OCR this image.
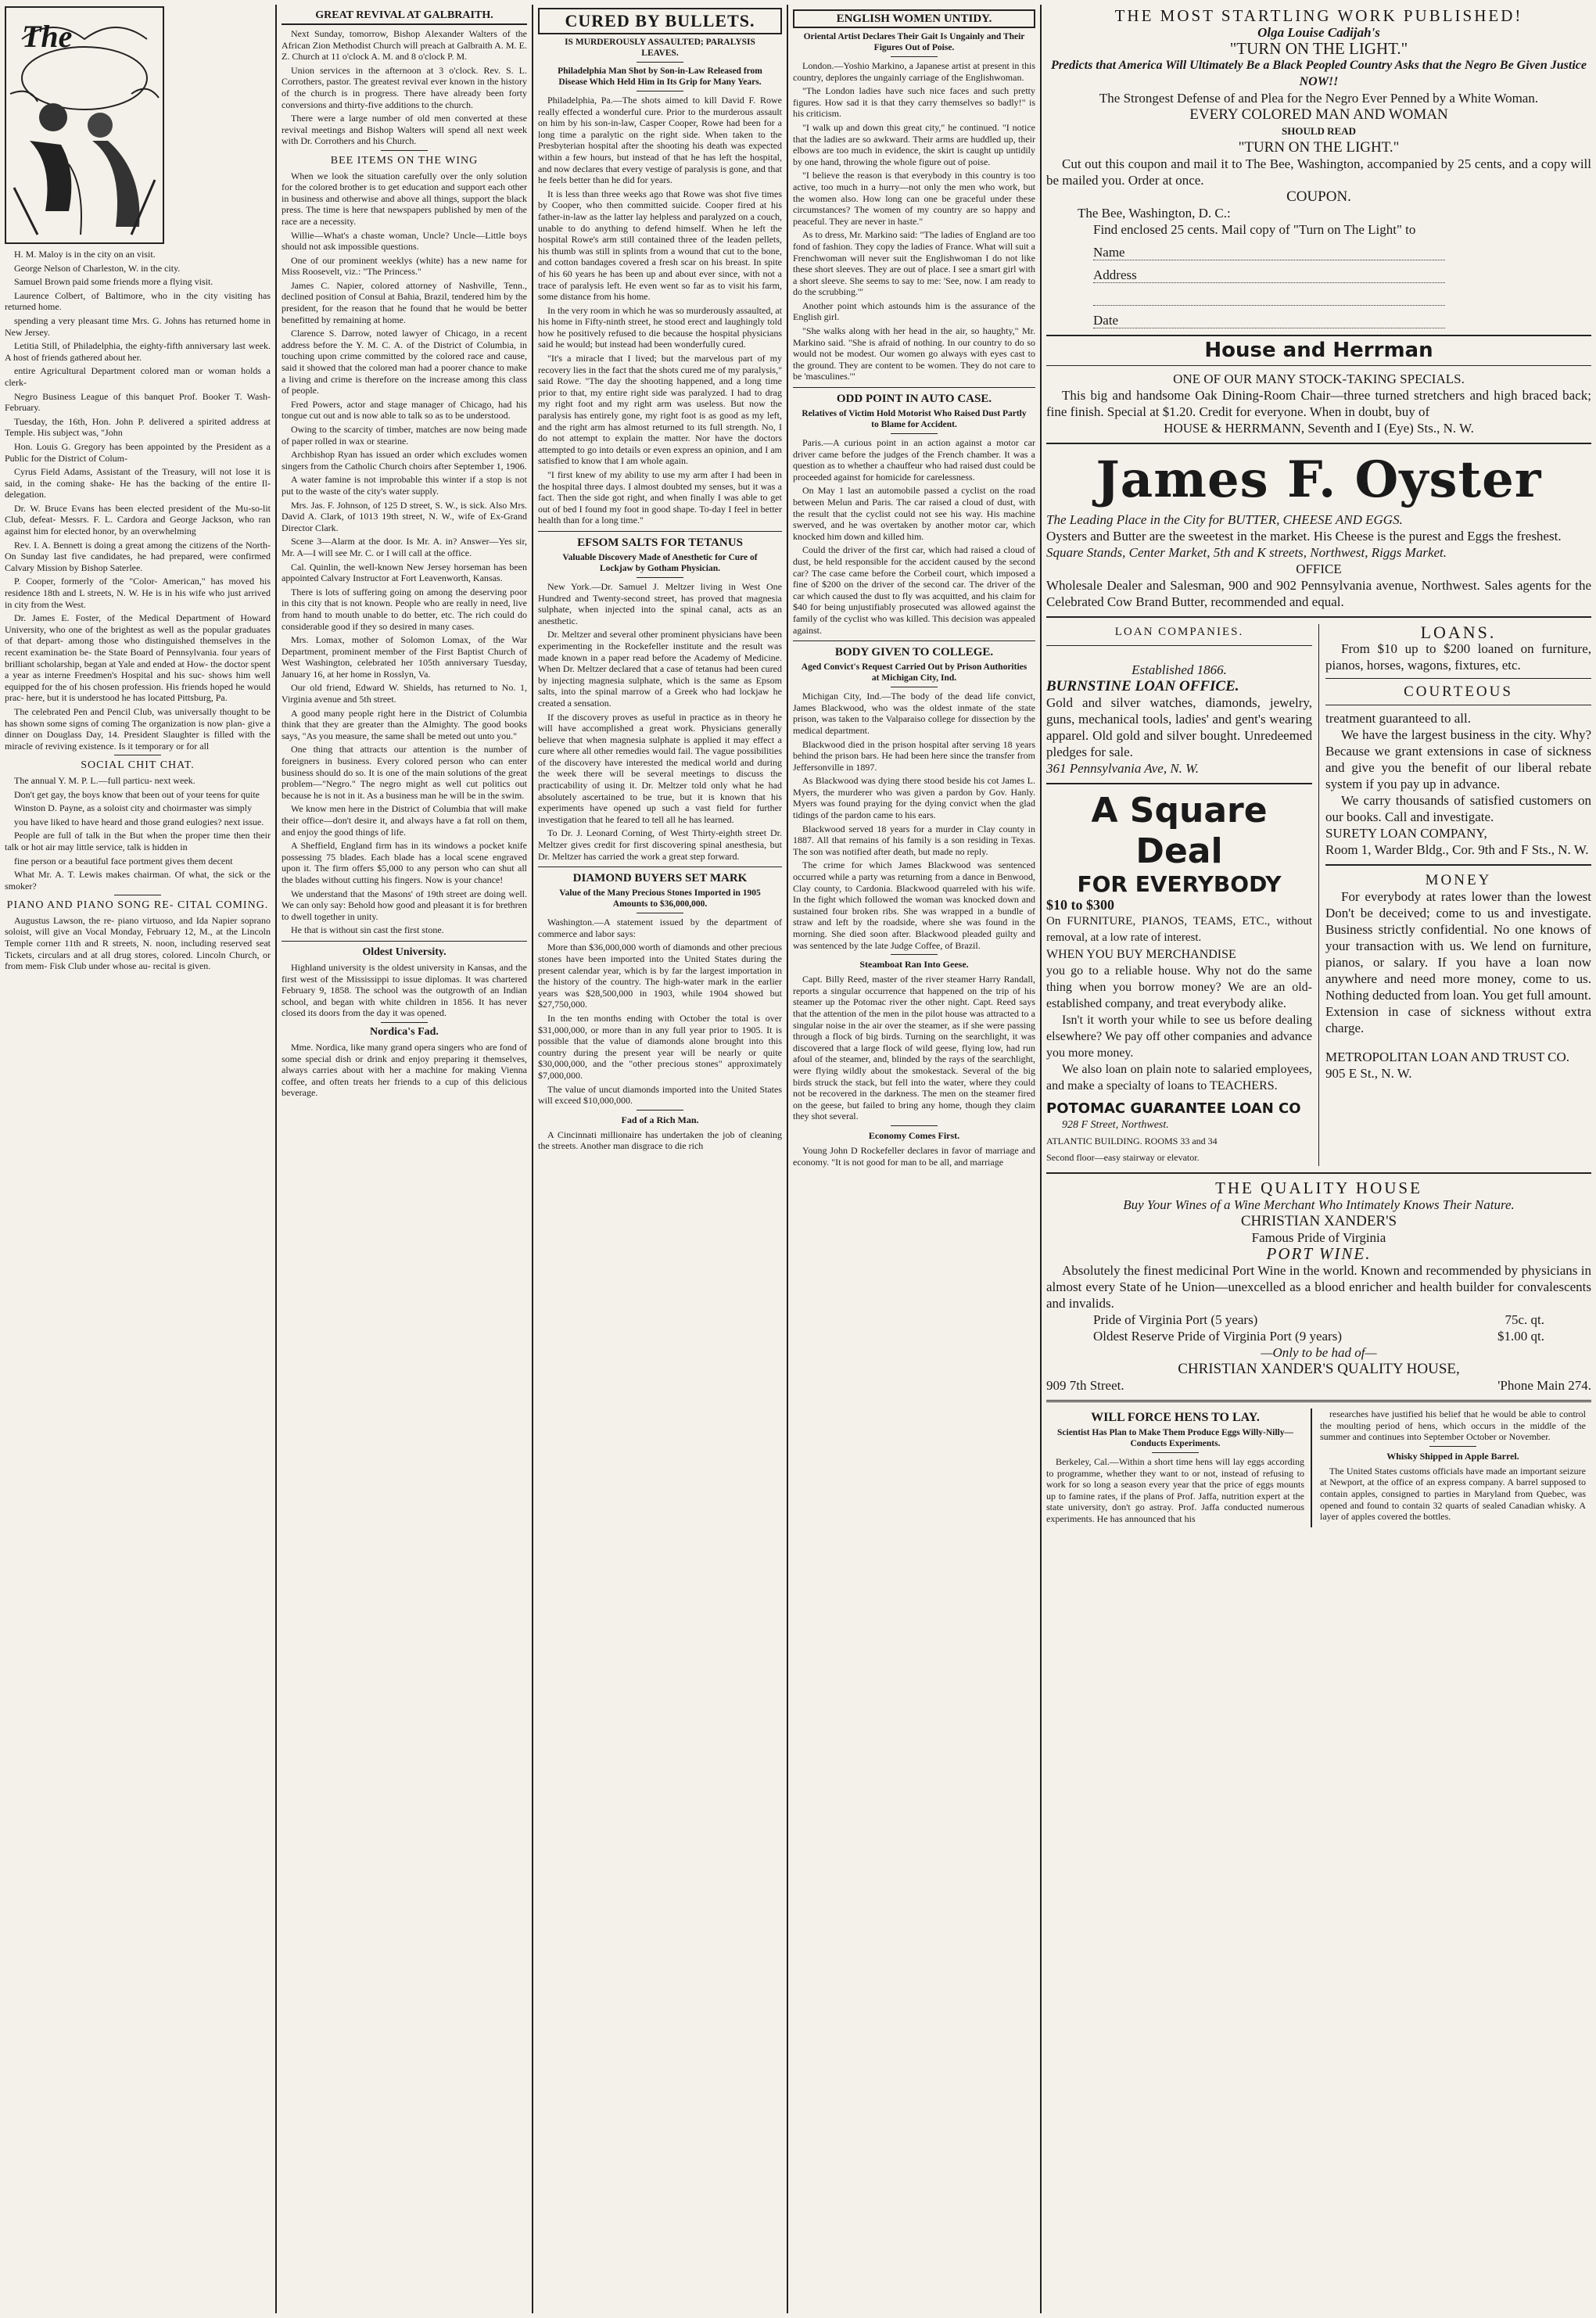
The

H. M. Maloy is in the city on an visit.

George Nelson of Charleston, W. in the city.

Samuel Brown paid some friends more a flying visit.

Laurence Colbert, of Baltimore, who in the city visiting has returned home.

spending a very pleasant time Mrs. G. Johns has returned home in New Jersey.

Letitia Still, of Philadelphia, the eighty-fifth anniversary last week. A host of friends gathered about her.

entire Agricultural Department colored man or woman holds a clerk-

Negro Business League of this banquet Prof. Booker T. Wash- February.

Tuesday, the 16th, Hon. John P. delivered a spirited address at Temple. His subject was, "John

Hon. Louis G. Gregory has been appointed by the President as a Public for the District of Colum-

Cyrus Field Adams, Assistant of the Treasury, will not lose it is said, in the coming shake- He has the backing of the entire Il- delegation.

Dr. W. Bruce Evans has been elected president of the Mu-so-lit Club, defeat- Messrs. F. L. Cardora and George Jackson, who ran against him for elected honor, by an overwhelming

Rev. I. A. Bennett is doing a great among the citizens of the North- On Sunday last five candidates, he had prepared, were confirmed Calvary Mission by Bishop Saterlee.

P. Cooper, formerly of the "Color- American," has moved his residence 18th and L streets, N. W. He is in his wife who just arrived in city from the West.

Dr. James E. Foster, of the Medical Department of Howard University, who one of the brightest as well as the popular graduates of that depart- among those who distinguished themselves in the recent examination be- the State Board of Pennsylvania. four years of brilliant scholarship, began at Yale and ended at How- the doctor spent a year as interne Freedmen's Hospital and his suc- shows him well equipped for the of his chosen profession. His friends hoped he would prac- here, but it is understood he has located Pittsburg, Pa.

The celebrated Pen and Pencil Club, was universally thought to be has shown some signs of coming The organization is now plan- give a dinner on Douglass Day, 14. President Slaughter is filled with the miracle of reviving existence. Is it temporary or for all

SOCIAL CHIT CHAT.

The annual Y. M. P. L.—full particu- next week.

Don't get gay, the boys know that been out of your teens for quite

Winston D. Payne, as a soloist city and choirmaster was simply

you have liked to have heard and those grand eulogies? next issue.

People are full of talk in the But when the proper time then their talk or hot air may little service, talk is hidden in

fine person or a beautiful face portment gives them decent

What Mr. A. T. Lewis makes chairman. Of what, the sick or the smoker?

PIANO AND PIANO SONG RE- CITAL COMING.

Augustus Lawson, the re- piano virtuoso, and Ida Napier soprano soloist, will give an Vocal Monday, February 12, M., at the Lincoln Temple corner 11th and R streets, N. noon, including reserved seat Tickets, circulars and at all drug stores, colored. Lincoln Church, or from mem- Fisk Club under whose au- recital is given.

GREAT REVIVAL AT GALBRAITH.

Next Sunday, tomorrow, Bishop Alexander Walters of the African Zion Methodist Church will preach at Galbraith A. M. E. Z. Church at 11 o'clock A. M. and 8 o'clock P. M.

Union services in the afternoon at 3 o'clock. Rev. S. L. Corrothers, pastor. The greatest revival ever known in the history of the church is in progress. There have already been forty conversions and thirty-five additions to the church.

There were a large number of old men converted at these revival meetings and Bishop Walters will spend all next week with Dr. Corrothers and his Church.

BEE ITEMS ON THE WING

When we look the situation carefully over the only solution for the colored brother is to get education and support each other in business and otherwise and above all things, support the black press. The time is here that newspapers published by men of the race are a necessity.

Willie—What's a chaste woman, Uncle? Uncle—Little boys should not ask impossible questions.

One of our prominent weeklys (white) has a new name for Miss Roosevelt, viz.: "The Princess."

James C. Napier, colored attorney of Nashville, Tenn., declined position of Consul at Bahia, Brazil, tendered him by the president, for the reason that he found that he would be better benefitted by remaining at home.

Clarence S. Darrow, noted lawyer of Chicago, in a recent address before the Y. M. C. A. of the District of Columbia, in touching upon crime committed by the colored race and cause, said it showed that the colored man had a poorer chance to make a living and crime is therefore on the increase among this class of people.

Fred Powers, actor and stage manager of Chicago, had his tongue cut out and is now able to talk so as to be understood.

Owing to the scarcity of timber, matches are now being made of paper rolled in wax or stearine.

Archbishop Ryan has issued an order which excludes women singers from the Catholic Church choirs after September 1, 1906.

A water famine is not improbable this winter if a stop is not put to the waste of the city's water supply.

Mrs. Jas. F. Johnson, of 125 D street, S. W., is sick. Also Mrs. David A. Clark, of 1013 19th street, N. W., wife of Ex-Grand Director Clark.

Scene 3—Alarm at the door. Is Mr. A. in? Answer—Yes sir, Mr. A—I will see Mr. C. or I will call at the office.

Cal. Quinlin, the well-known New Jersey horseman has been appointed Calvary Instructor at Fort Leavenworth, Kansas.

There is lots of suffering going on among the deserving poor in this city that is not known. People who are really in need, live from hand to mouth unable to do better, etc. The rich could do considerable good if they so desired in many cases.

Mrs. Lomax, mother of Solomon Lomax, of the War Department, prominent member of the First Baptist Church of West Washington, celebrated her 105th anniversary Tuesday, January 16, at her home in Rosslyn, Va.

Our old friend, Edward W. Shields, has returned to No. 1, Virginia avenue and 5th street.

A good many people right here in the District of Columbia think that they are greater than the Almighty. The good books says, "As you measure, the same shall be meted out unto you."

One thing that attracts our attention is the number of foreigners in business. Every colored person who can enter business should do so. It is one of the main solutions of the great problem—"Negro." The negro might as well cut politics out because he is not in it. As a business man he will be in the swim.

We know men here in the District of Columbia that will make their office—don't desire it, and always have a fat roll on them, and enjoy the good things of life.

A Sheffield, England firm has in its windows a pocket knife possessing 75 blades. Each blade has a local scene engraved upon it. The firm offers $5,000 to any person who can shut all the blades without cutting his fingers. Now is your chance!

We understand that the Masons' of 19th street are doing well. We can only say: Behold how good and pleasant it is for brethren to dwell together in unity.

He that is without sin cast the first stone.

Oldest University.

Highland university is the oldest university in Kansas, and the first west of the Mississippi to issue diplomas. It was chartered February 9, 1858. The school was the outgrowth of an Indian school, and began with white children in 1856. It has never closed its doors from the day it was opened.

Nordica's Fad.

Mme. Nordica, like many grand opera singers who are fond of some special dish or drink and enjoy preparing it themselves, always carries about with her a machine for making Vienna coffee, and often treats her friends to a cup of this delicious beverage.

CURED BY BULLETS.
IS MURDEROUSLY ASSAULTED; PARALYSIS LEAVES.
Philadelphia Man Shot by Son-in-Law Released from Disease Which Held Him in Its Grip for Many Years.

Philadelphia, Pa.—The shots aimed to kill David F. Rowe really effected a wonderful cure. Prior to the murderous assault on him by his son-in-law, Casper Cooper, Rowe had been for a long time a paralytic on the right side. When taken to the Presbyterian hospital after the shooting his death was expected within a few hours, but instead of that he has left the hospital, and now declares that every vestige of paralysis is gone, and that he feels better than he did for years.

It is less than three weeks ago that Rowe was shot five times by Cooper, who then committed suicide. Cooper fired at his father-in-law as the latter lay helpless and paralyzed on a couch, unable to do anything to defend himself. When he left the hospital Rowe's arm still contained three of the leaden pellets, his thumb was still in splints from a wound that cut to the bone, and cotton bandages covered a fresh scar on his breast. In spite of his 60 years he has been up and about ever since, with not a trace of paralysis left. He even went so far as to visit his farm, some distance from his home.

In the very room in which he was so murderously assaulted, at his home in Fifty-ninth street, he stood erect and laughingly told how he positively refused to die because the hospital physicians said he would; but instead had been wonderfully cured.

"It's a miracle that I lived; but the marvelous part of my recovery lies in the fact that the shots cured me of my paralysis," said Rowe. "The day the shooting happened, and a long time prior to that, my entire right side was paralyzed. I had to drag my right foot and my right arm was useless. But now the paralysis has entirely gone, my right foot is as good as my left, and the right arm has almost returned to its full strength. No, I do not attempt to explain the matter. Nor have the doctors attempted to go into details or even express an opinion, and I am satisfied to know that I am whole again.

"I first knew of my ability to use my arm after I had been in the hospital three days. I almost doubted my senses, but it was a fact. Then the side got right, and when finally I was able to get out of bed I found my foot in good shape. To-day I feel in better health than for a long time."

EFSOM SALTS FOR TETANUS
Valuable Discovery Made of Anesthetic for Cure of Lockjaw by Gotham Physician.

New York.—Dr. Samuel J. Meltzer living in West One Hundred and Twenty-second street, has proved that magnesia sulphate, when injected into the spinal canal, acts as an anesthetic.

Dr. Meltzer and several other prominent physicians have been experimenting in the Rockefeller institute and the result was made known in a paper read before the Academy of Medicine. When Dr. Meltzer declared that a case of tetanus had been cured by injecting magnesia sulphate, which is the same as Epsom salts, into the spinal marrow of a Greek who had lockjaw he created a sensation.

If the discovery proves as useful in practice as in theory he will have accomplished a great work. Physicians generally believe that when magnesia sulphate is applied it may effect a cure where all other remedies would fail. The vague possibilities of the discovery have interested the medical world and during the week there will be several meetings to discuss the practicability of using it. Dr. Meltzer told only what he had absolutely ascertained to be true, but it is known that his experiments have opened up such a vast field for further investigation that he feared to tell all he has learned.

To Dr. J. Leonard Corning, of West Thirty-eighth street Dr. Meltzer gives credit for first discovering spinal anesthesia, but Dr. Meltzer has carried the work a great step forward.

DIAMOND BUYERS SET MARK
Value of the Many Precious Stones Imported in 1905 Amounts to $36,000,000.

Washington.—A statement issued by the department of commerce and labor says:

More than $36,000,000 worth of diamonds and other precious stones have been imported into the United States during the present calendar year, which is by far the largest importation in the history of the country. The high-water mark in the earlier years was $28,500,000 in 1903, while 1904 showed but $27,750,000.

In the ten months ending with October the total is over $31,000,000, or more than in any full year prior to 1905. It is possible that the value of diamonds alone brought into this country during the present year will be nearly or quite $30,000,000, and the "other precious stones" approximately $7,000,000.

The value of uncut diamonds imported into the United States will exceed $10,000,000.

Fad of a Rich Man.

A Cincinnati millionaire has undertaken the job of cleaning the streets. Another man disgrace to die rich

ENGLISH WOMEN UNTIDY.
Oriental Artist Declares Their Gait Is Ungainly and Their Figures Out of Poise.

London.—Yoshio Markino, a Japanese artist at present in this country, deplores the ungainly carriage of the Englishwoman.

"The London ladies have such nice faces and such pretty figures. How sad it is that they carry themselves so badly!" is his criticism.

"I walk up and down this great city," he continued. "I notice that the ladies are so awkward. Their arms are huddled up, their elbows are too much in evidence, the skirt is caught up untidily by one hand, throwing the whole figure out of poise.

"I believe the reason is that everybody in this country is too active, too much in a hurry—not only the men who work, but the women also. How long can one be graceful under these circumstances? The women of my country are so happy and peaceful. They are never in haste."

As to dress, Mr. Markino said: "The ladies of England are too fond of fashion. They copy the ladies of France. What will suit a Frenchwoman will never suit the Englishwoman I do not like these short sleeves. They are out of place. I see a smart girl with a short sleeve. She seems to say to me: 'See, now. I am ready to do the scrubbing.'"

Another point which astounds him is the assurance of the English girl.

"She walks along with her head in the air, so haughty," Mr. Markino said. "She is afraid of nothing. In our country to do so would not be modest. Our women go always with eyes cast to the ground. They are content to be women. They do not care to be 'masculines.'"

ODD POINT IN AUTO CASE.
Relatives of Victim Hold Motorist Who Raised Dust Partly to Blame for Accident.

Paris.—A curious point in an action against a motor car driver came before the judges of the French chamber. It was a question as to whether a chauffeur who had raised dust could be proceeded against for homicide for carelessness.

On May 1 last an automobile passed a cyclist on the road between Melun and Paris. The car raised a cloud of dust, with the result that the cyclist could not see his way. His machine swerved, and he was overtaken by another motor car, which knocked him down and killed him.

Could the driver of the first car, which had raised a cloud of dust, be held responsible for the accident caused by the second car? The case came before the Corbeil court, which imposed a fine of $200 on the driver of the second car. The driver of the car which caused the dust to fly was acquitted, and his claim for $40 for being unjustifiably prosecuted was allowed against the family of the cyclist who was killed. This decision was appealed against.

BODY GIVEN TO COLLEGE.
Aged Convict's Request Carried Out by Prison Authorities at Michigan City, Ind.

Michigan City, Ind.—The body of the dead life convict, James Blackwood, who was the oldest inmate of the state prison, was taken to the Valparaiso college for dissection by the medical department.

Blackwood died in the prison hospital after serving 18 years behind the prison bars. He had been here since the transfer from Jeffersonville in 1897.

As Blackwood was dying there stood beside his cot James L. Myers, the murderer who was given a pardon by Gov. Hanly. Myers was found praying for the dying convict when the glad tidings of the pardon came to his ears.

Blackwood served 18 years for a murder in Clay county in 1887. All that remains of his family is a son residing in Texas. The son was notified after death, but made no reply.

The crime for which James Blackwood was sentenced occurred while a party was returning from a dance in Benwood, Clay county, to Cardonia. Blackwood quarreled with his wife. In the fight which followed the woman was knocked down and sustained four broken ribs. She was wrapped in a bundle of straw and left by the roadside, where she was found in the morning. She died soon after. Blackwood pleaded guilty and was sentenced by the late Judge Coffee, of Brazil.

Steamboat Ran Into Geese.

Capt. Billy Reed, master of the river steamer Harry Randall, reports a singular occurrence that happened on the trip of his steamer up the Potomac river the other night. Capt. Reed says that the attention of the men in the pilot house was attracted to a singular noise in the air over the steamer, as if she were passing through a flock of big birds. Turning on the searchlight, it was discovered that a large flock of wild geese, flying low, had run afoul of the steamer, and, blinded by the rays of the searchlight, were flying wildly about the smokestack. Several of the big birds struck the stack, but fell into the water, where they could not be recovered in the darkness. The men on the steamer fired on the geese, but failed to bring any home, though they claim they shot several.

Economy Comes First.

Young John D Rockefeller declares in favor of marriage and economy. "It is not good for man to be all, and marriage

THE MOST STARTLING WORK PUBLISHED!
Olga Louise Cadijah's
"TURN ON THE LIGHT."
Predicts that America Will Ultimately Be a Black Peopled Country Asks that the Negro Be Given Justice NOW!!
The Strongest Defense of and Plea for the Negro Ever Penned by a White Woman.
EVERY COLORED MAN AND WOMAN
SHOULD READ
"TURN ON THE LIGHT."
Cut out this coupon and mail it to The Bee, Washington, accompanied by 25 cents, and a copy will be mailed you. Order at once.
COUPON.
The Bee, Washington, D. C.:
Find enclosed 25 cents. Mail copy of "Turn on The Light" to
Name
Address
Date
House and Herrman
ONE OF OUR MANY STOCK-TAKING SPECIALS.
This big and handsome Oak Dining-Room Chair—three turned stretchers and high braced back; fine finish. Special at $1.20. Credit for everyone. When in doubt, buy of
HOUSE & HERRMANN, Seventh and I (Eye) Sts., N. W.
James F. Oyster
The Leading Place in the City for BUTTER, CHEESE AND EGGS.
Oysters and Butter are the sweetest in the market. His Cheese is the purest and Eggs the freshest.
Square Stands, Center Market, 5th and K streets, Northwest, Riggs Market.
OFFICE
Wholesale Dealer and Salesman, 900 and 902 Pennsylvania avenue, Northwest. Sales agents for the Celebrated Cow Brand Butter, recommended and equal.
LOAN COMPANIES.
Established 1866.
BURNSTINE LOAN OFFICE.
Gold and silver watches, diamonds, jewelry, guns, mechanical tools, ladies' and gent's wearing apparel. Old gold and silver bought. Unredeemed pledges for sale.
361 Pennsylvania Ave, N. W.
A Square Deal
FOR EVERYBODY
$10 to $300
On FURNITURE, PIANOS, TEAMS, ETC., without removal, at a low rate of interest.
WHEN YOU BUY MERCHANDISE
you go to a reliable house. Why not do the same thing when you borrow money? We are an old-established company, and treat everybody alike.
Isn't it worth your while to see us before dealing elsewhere? We pay off other companies and advance you more money.
We also loan on plain note to salaried employees, and make a specialty of loans to TEACHERS.
POTOMAC GUARANTEE LOAN CO
928 F Street, Northwest.
ATLANTIC BUILDING. ROOMS 33 and 34
Second floor—easy stairway or elevator.
LOANS.
From $10 up to $200 loaned on furniture, pianos, horses, wagons, fixtures, etc.
COURTEOUS
treatment guaranteed to all.
We have the largest business in the city. Why? Because we grant extensions in case of sickness and give you the benefit of our liberal rebate system if you pay up in advance.
We carry thousands of satisfied customers on our books. Call and investigate.
SURETY LOAN COMPANY,
Room 1, Warder Bldg., Cor. 9th and F Sts., N. W.
MONEY
For everybody at rates lower than the lowest Don't be deceived; come to us and investigate. Business strictly confidential. No one knows of your transaction with us. We lend on furniture, pianos, or salary. If you have a loan now anywhere and need more money, come to us. Nothing deducted from loan. You get full amount. Extension in case of sickness without extra charge.
METROPOLITAN LOAN AND TRUST CO.
905 E St., N. W.
THE QUALITY HOUSE
Buy Your Wines of a Wine Merchant Who Intimately Knows Their Nature.
CHRISTIAN XANDER'S
Famous Pride of Virginia
PORT WINE.
Absolutely the finest medicinal Port Wine in the world. Known and recommended by physicians in almost every State of he Union—unexcelled as a blood enricher and health builder for convalescents and invalids.
Pride of Virginia Port (5 years)	75c. qt.
Oldest Reserve Pride of Virginia Port (9 years)	$1.00 qt.
—Only to be had of—
CHRISTIAN XANDER'S QUALITY HOUSE,
909 7th Street.	'Phone Main 274.
WILL FORCE HENS TO LAY.
Scientist Has Plan to Make Them Produce Eggs Willy-Nilly—Conducts Experiments.

Berkeley, Cal.—Within a short time hens will lay eggs according to programme, whether they want to or not, instead of refusing to work for so long a season every year that the price of eggs mounts up to famine rates, if the plans of Prof. Jaffa, nutrition expert at the state university, don't go astray. Prof. Jaffa conducted numerous experiments. He has announced that his

researches have justified his belief that he would be able to control the moulting period of hens, which occurs in the middle of the summer and continues into September October or November.

Whisky Shipped in Apple Barrel.

The United States customs officials have made an important seizure at Newport, at the office of an express company. A barrel supposed to contain apples, consigned to parties in Maryland from Quebec, was opened and found to contain 32 quarts of sealed Canadian whisky. A layer of apples covered the bottles.
